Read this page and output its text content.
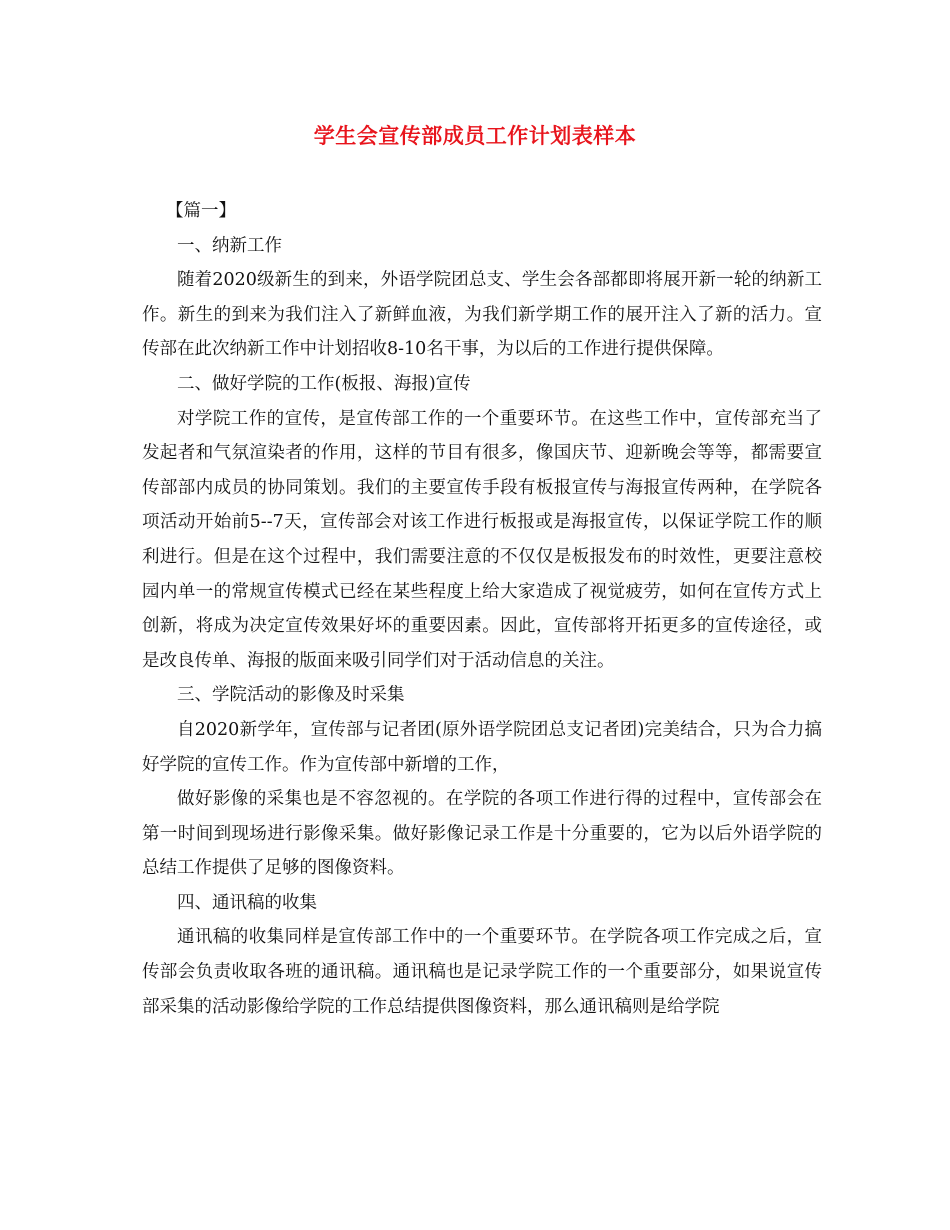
学生会宣传部成员工作计划表样本

【篇一】

一、纳新工作

随着2020级新生的到来，外语学院团总支、学生会各部都即将展开新一轮的纳新工作。新生的到来为我们注入了新鲜血液，为我们新学期工作的展开注入了新的活力。宣传部在此次纳新工作中计划招收8-10名干事，为以后的工作进行提供保障。

二、做好学院的工作(板报、海报)宣传

对学院工作的宣传，是宣传部工作的一个重要环节。在这些工作中，宣传部充当了发起者和气氛渲染者的作用，这样的节目有很多，像国庆节、迎新晚会等等，都需要宣传部部内成员的协同策划。我们的主要宣传手段有板报宣传与海报宣传两种，在学院各项活动开始前5--7天，宣传部会对该工作进行板报或是海报宣传，以保证学院工作的顺利进行。但是在这个过程中，我们需要注意的不仅仅是板报发布的时效性，更要注意校园内单一的常规宣传模式已经在某些程度上给大家造成了视觉疲劳，如何在宣传方式上创新，将成为决定宣传效果好坏的重要因素。因此，宣传部将开拓更多的宣传途径，或是改良传单、海报的版面来吸引同学们对于活动信息的关注。

三、学院活动的影像及时采集

自2020新学年，宣传部与记者团(原外语学院团总支记者团)完美结合，只为合力搞好学院的宣传工作。作为宣传部中新增的工作，

做好影像的采集也是不容忽视的。在学院的各项工作进行得的过程中，宣传部会在第一时间到现场进行影像采集。做好影像记录工作是十分重要的，它为以后外语学院的总结工作提供了足够的图像资料。

四、通讯稿的收集

通讯稿的收集同样是宣传部工作中的一个重要环节。在学院各项工作完成之后，宣传部会负责收取各班的通讯稿。通讯稿也是记录学院工作的一个重要部分，如果说宣传部采集的活动影像给学院的工作总结提供图像资料，那么通讯稿则是给学院
